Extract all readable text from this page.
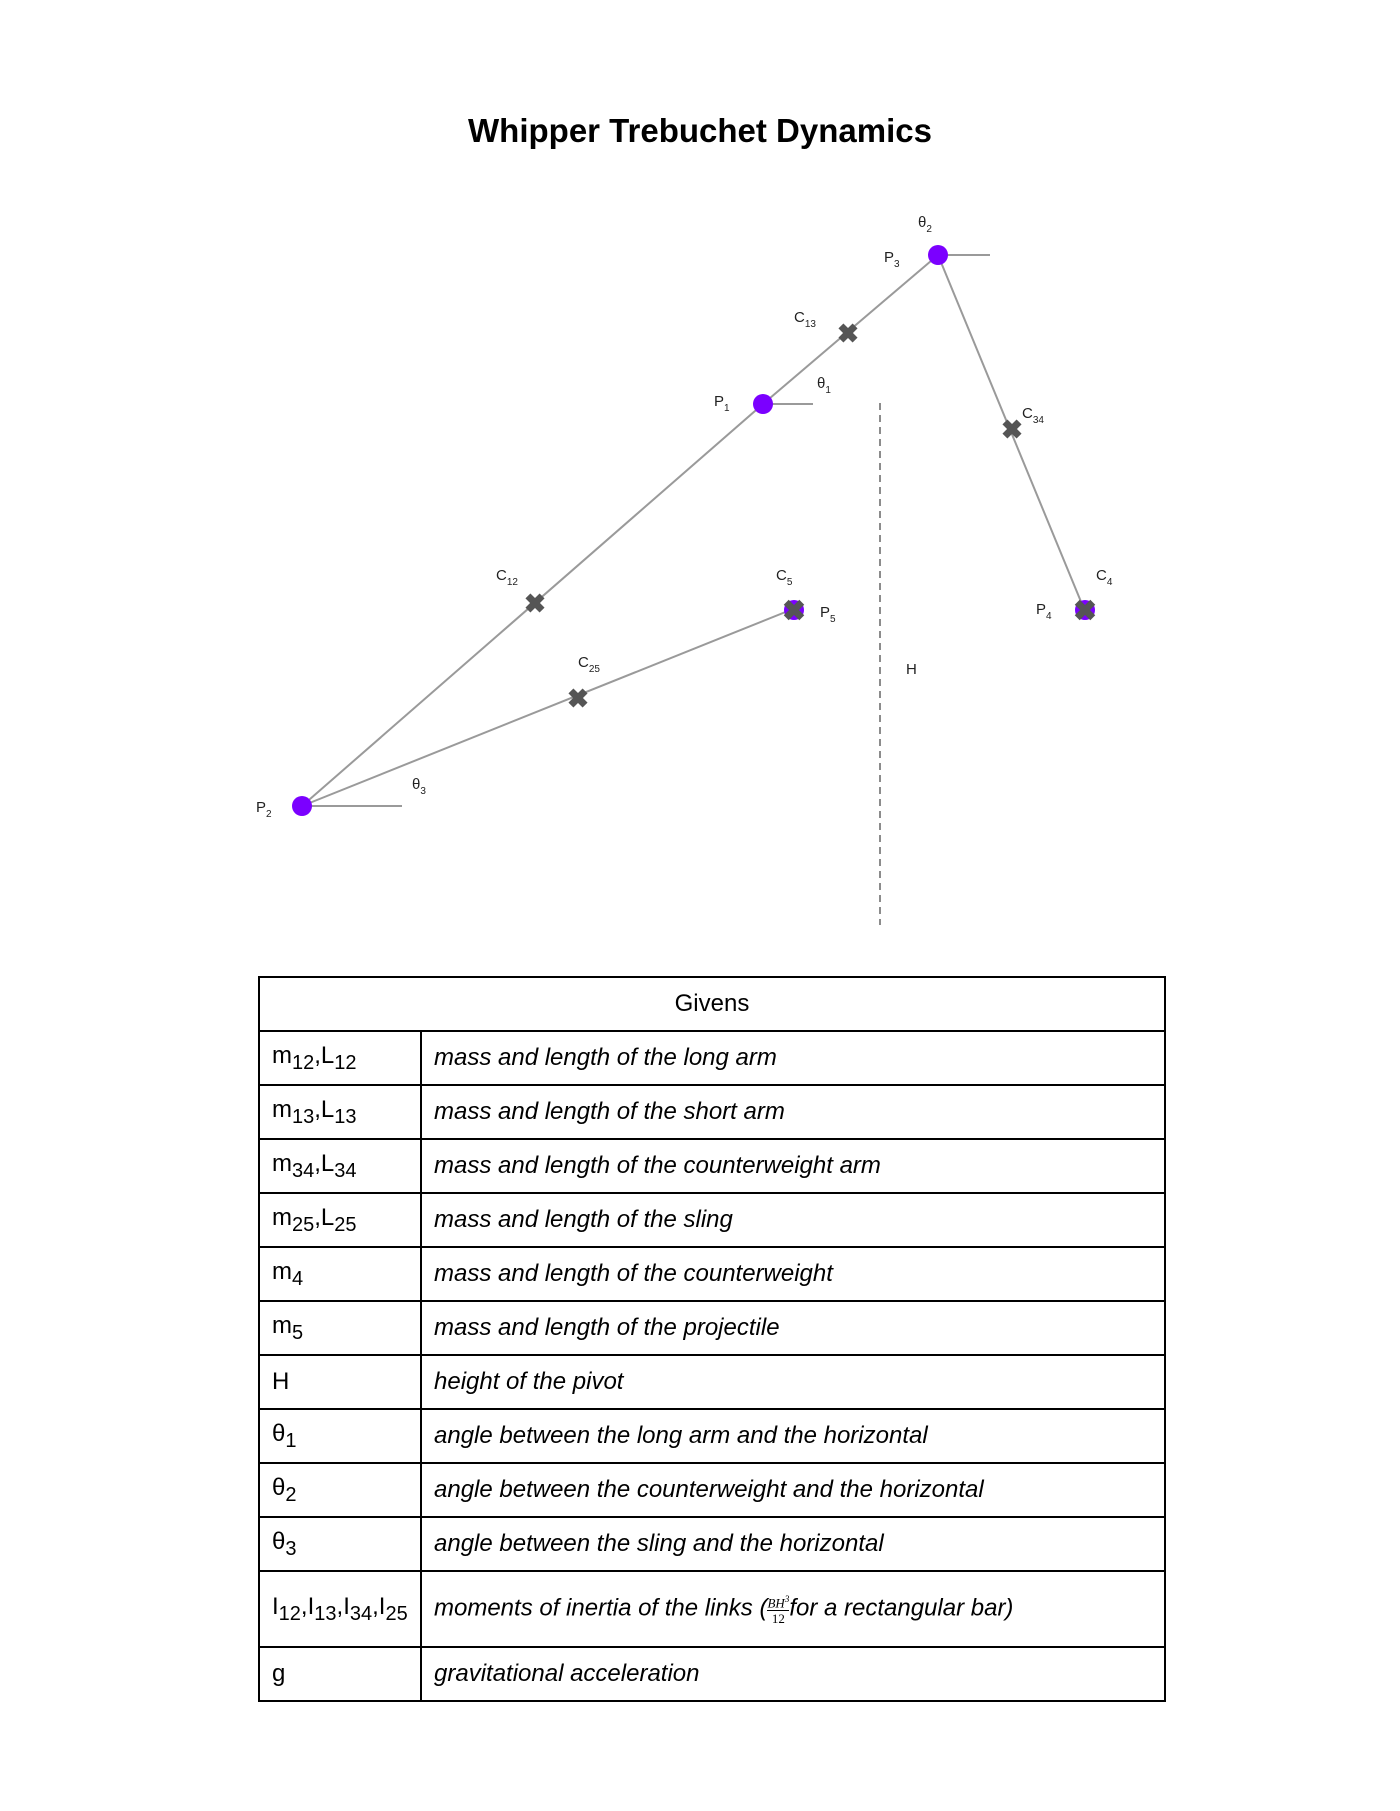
Whipper Trebuchet Dynamics
$P_2$
$P_1$
$P_3$
$P_4$
$P_5$
$C_{13}$
$C_{12}$
$C_{25}$
$C_{34}$
$C_4$
$C_5$
$\theta_1$
$\theta_2$
$\theta_3$
H
Givens	
$m_{12},L_{12}$	mass and length of the long arm
$m_{13},L_{13}$	mass and length of the short arm
$m_{34},L_{34}$	mass and length of the counterweight arm
$m_{25},L_{25}$	mass and length of the sling
$m_4$	mass and length of the counterweight
$m_5$	mass and length of the projectile
H	height of the pivot
$\theta_1$	angle between the long arm and the horizontal
$\theta_2$	angle between the counterweight and the horizontal
$\theta_3$	angle between the sling and the horizontal
$I_{12},I_{13},I_{34},I_{25}$	moments of inertia of the links ( $\frac{BH^3}{12}$ for a rectangular bar)
g	gravitational acceleration
